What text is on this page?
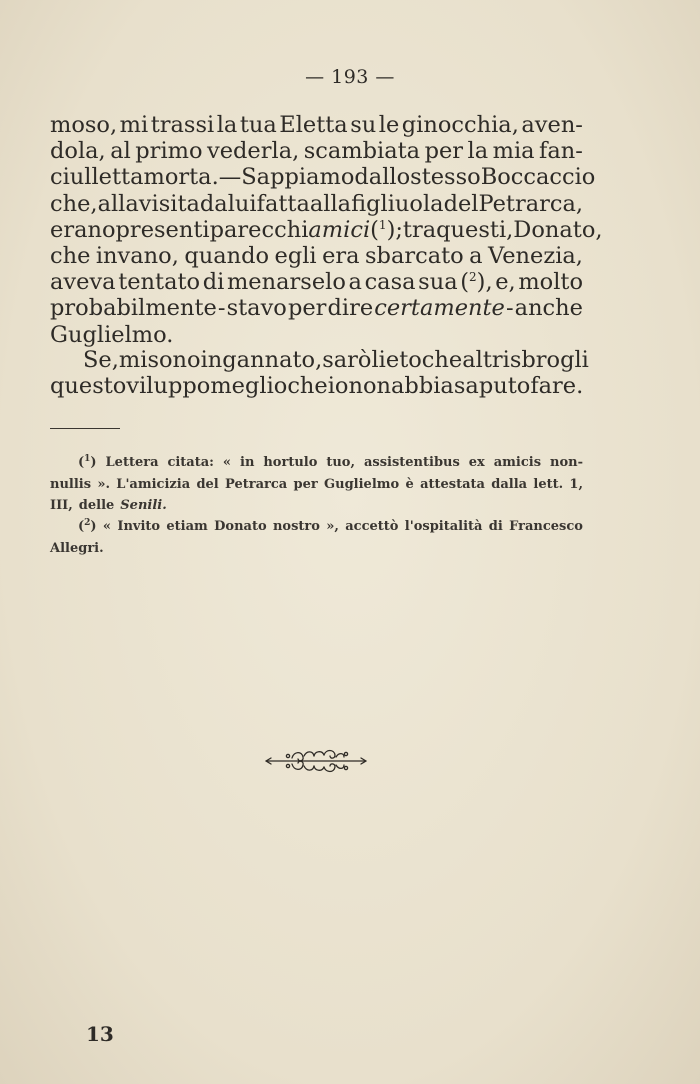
— 193 —
moso, mi trassi la tua Eletta su le ginocchia, aven-
dola, al primo vederla, scambiata per la mia fan-
ciulletta morta. — Sappiamo dallo stesso Boccaccio
che, alla visita da lui fatta alla figliuola del Petrarca,
erano presenti parecchi amici ($^1$); tra questi, Donato,
che invano, quando egli era sbarcato a Venezia,
aveva tentato di menarselo a casa sua ($^2$), e, molto
probabilmente - stavo per dire certamente - anche
Guglielmo.
Se, mi sono ingannato, sarò lieto che altri sbrogli
questo viluppo meglio che io non abbia saputo fare.
($^1$) Lettera citata: « in hortulo tuo, assistentibus ex amicis non-
nullis ». L'amicizia del Petrarca per Guglielmo è attestata dalla lett. 1,
III, delle Senili.
($^2$) « Invito etiam Donato nostro », accettò l'ospitalità di Francesco
Allegri.
13
